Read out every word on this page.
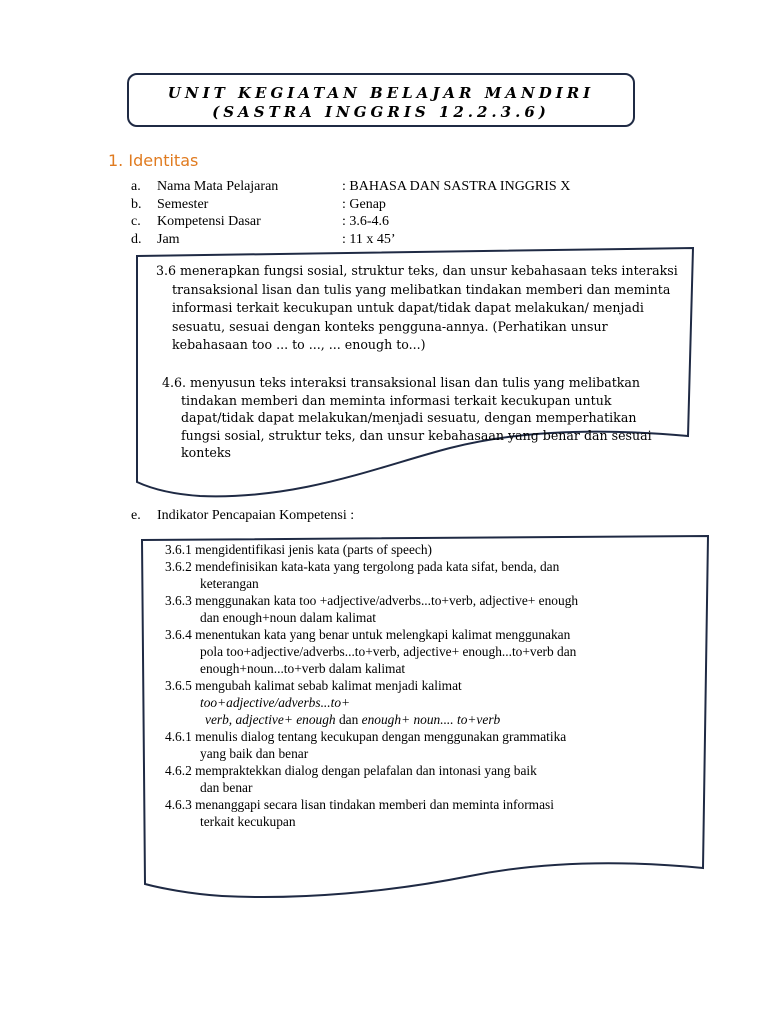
UNIT KEGIATAN BELAJAR MANDIRI
(SASTRA INGGRIS 12.2.3.6)
1. Identitas
a.	Nama Mata Pelajaran	: BAHASA DAN SASTRA INGGRIS X
b.	Semester	: Genap
c.	Kompetensi Dasar	: 3.6-4.6
d.	Jam	: 11 x 45’

3.6 menerapkan fungsi sosial, struktur teks, dan unsur kebahasaan teks interaksi

transaksional lisan dan tulis yang melibatkan tindakan memberi dan meminta

informasi terkait kecukupan untuk dapat/tidak dapat melakukan/ menjadi

sesuatu, sesuai dengan konteks pengguna-annya. (Perhatikan unsur

kebahasaan too ... to ..., ... enough to...)

4.6. menyusun teks interaksi transaksional lisan dan tulis yang melibatkan

tindakan memberi dan meminta informasi terkait kecukupan untuk

dapat/tidak dapat melakukan/menjadi sesuatu, dengan memperhatikan

fungsi sosial, struktur teks, dan unsur kebahasaan yang benar dan sesuai

konteks

e. Indikator Pencapaian Kompetensi :

3.6.1 mengidentifikasi jenis kata (parts of speech)

3.6.2 mendefinisikan kata-kata yang tergolong pada kata sifat, benda, dan
keterangan
3.6.3 menggunakan kata too +adjective/adverbs...to+verb, adjective+ enough
dan enough+noun dalam kalimat
3.6.4 menentukan kata yang benar untuk melengkapi kalimat menggunakan
pola too+adjective/adverbs...to+verb, adjective+ enough...to+verb dan
enough+noun...to+verb dalam kalimat
3.6.5 mengubah kalimat sebab kalimat menjadi kalimat
too+adjective/adverbs...to+
verb, adjective+ enough dan enough+ noun.... to+verb
4.6.1 menulis dialog tentang kecukupan dengan menggunakan grammatika
yang baik dan benar
4.6.2 mempraktekkan dialog dengan pelafalan dan intonasi yang baik
dan benar
4.6.3 menanggapi secara lisan tindakan memberi dan meminta informasi
terkait kecukupan
